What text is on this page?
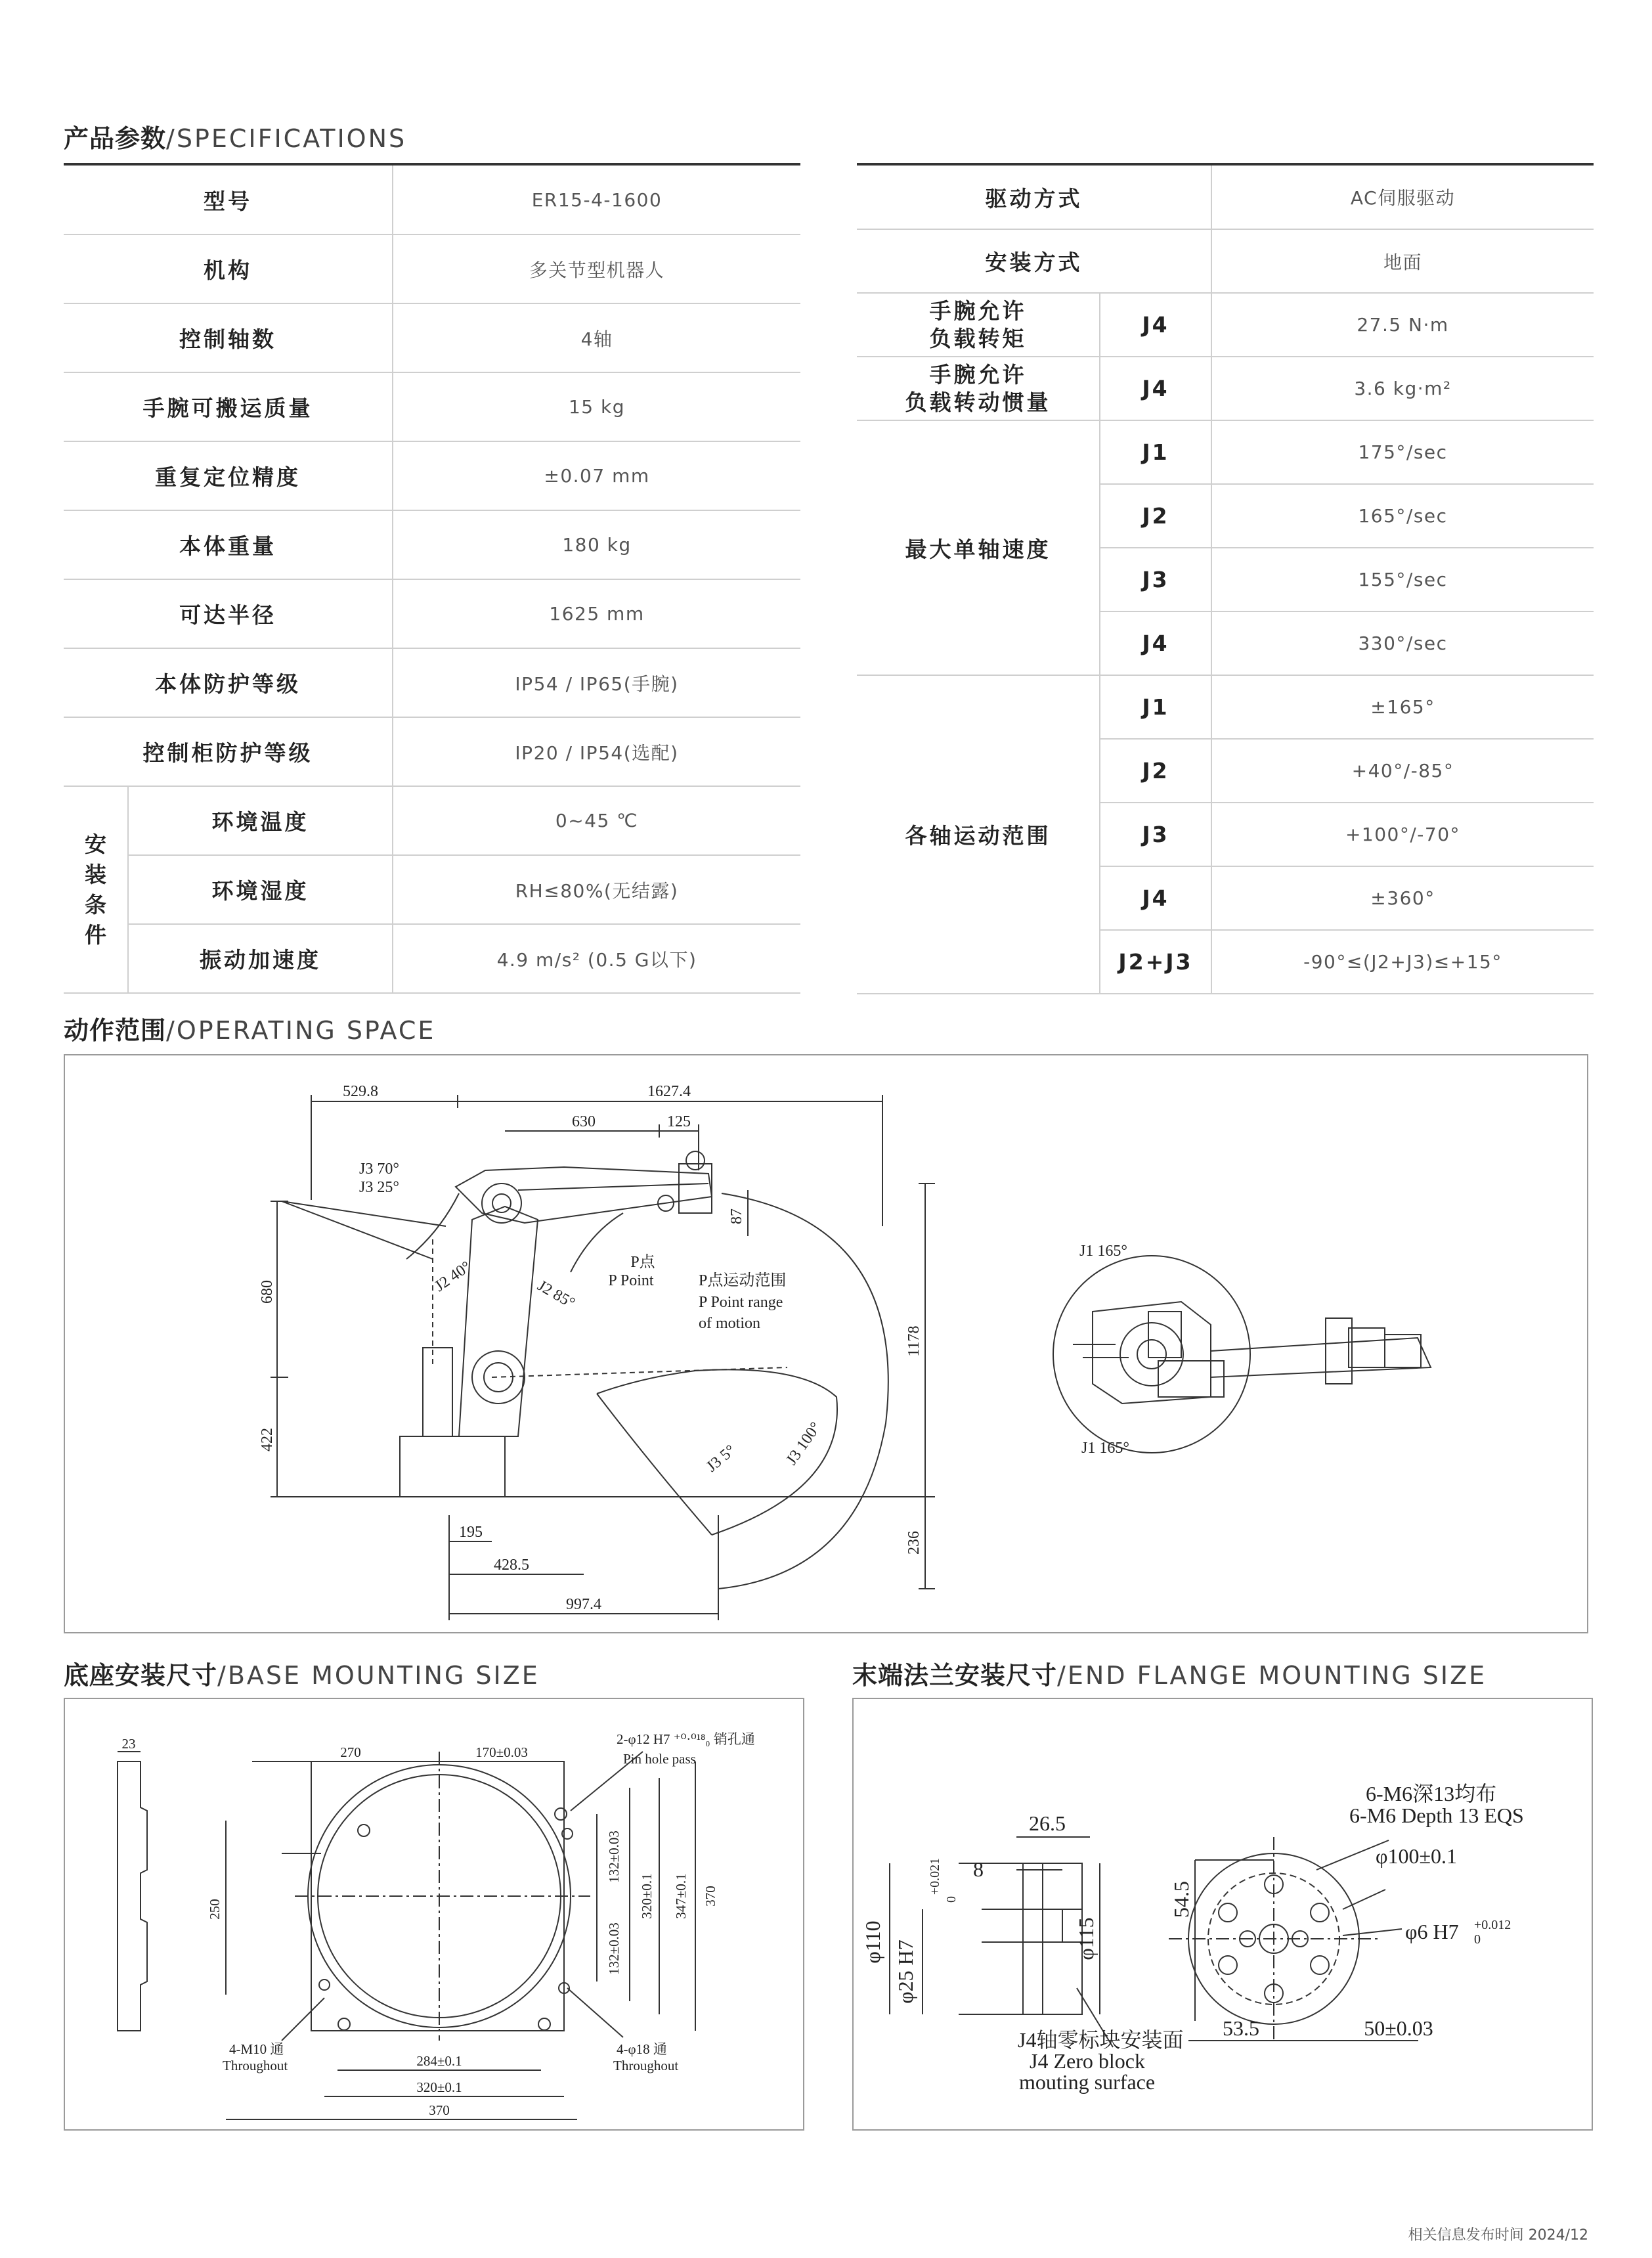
产品参数/SPECIFICATIONS
动作范围/OPERATING SPACE
底座安装尺寸/BASE MOUNTING SIZE	末端法兰安装尺寸/END FLANGE MOUNTING SIZE
型号		ER15-4-1600
机构		多关节型机器人
控制轴数		4轴
手腕可搬运质量		15 kg
重复定位精度		±0.07 mm
本体重量		180 kg
可达半径		1625 mm
本体防护等级		IP54 / IP65(手腕)
控制柜防护等级		IP20 / IP54(选配)
安
装
条
件	环境温度	0~45 ℃
	环境湿度	RH≤80%(无结露)
	振动加速度	4.9 m/s² (0.5 G以下)
驱动方式		AC伺服驱动
安装方式		地面
手腕允许
负载转矩	J4	27.5 N·m
手腕允许
负载转动惯量	J4	3.6 kg·m²
最大单轴速度	J1	175°/sec
	J2	165°/sec
	J3	155°/sec
	J4	330°/sec
各轴运动范围	J1	±165°
	J2	+40°/-85°
	J3	+100°/-70°
	J4	±360°
	J2+J3	-90°≤(J2+J3)≤+15°
529.8	1627.4
630	125
87
680
422
1178
236
195
428.5
997.4
J3 70°
J3 25°
J2 40°	J2 85°
J3 5°	J3 100°
J1 165°
J1 165°
P点
P Point	P点运动范围
P Point range
of motion
23
270	170±0.03
2-φ12 H7 ⁺⁰·⁰¹⁸₀ 销孔通
Pin hole pass
250
132±0.03
132±0.03
320±0.1 347±0.1 370
4-M10 通
Throughout
4-φ18 通
Throughout
284±0.1
320±0.1
370
6-M6深13均布
6-M6 Depth 13 EQS
26.5
8
φ110 φ25 H7
+0.021
0
φ115
54.5
φ100±0.1
φ6 H7 +0.012
0
53.5	50±0.03
J4轴零标块安装面
J4 Zero block
mouting surface
相关信息发布时间 2024/12
